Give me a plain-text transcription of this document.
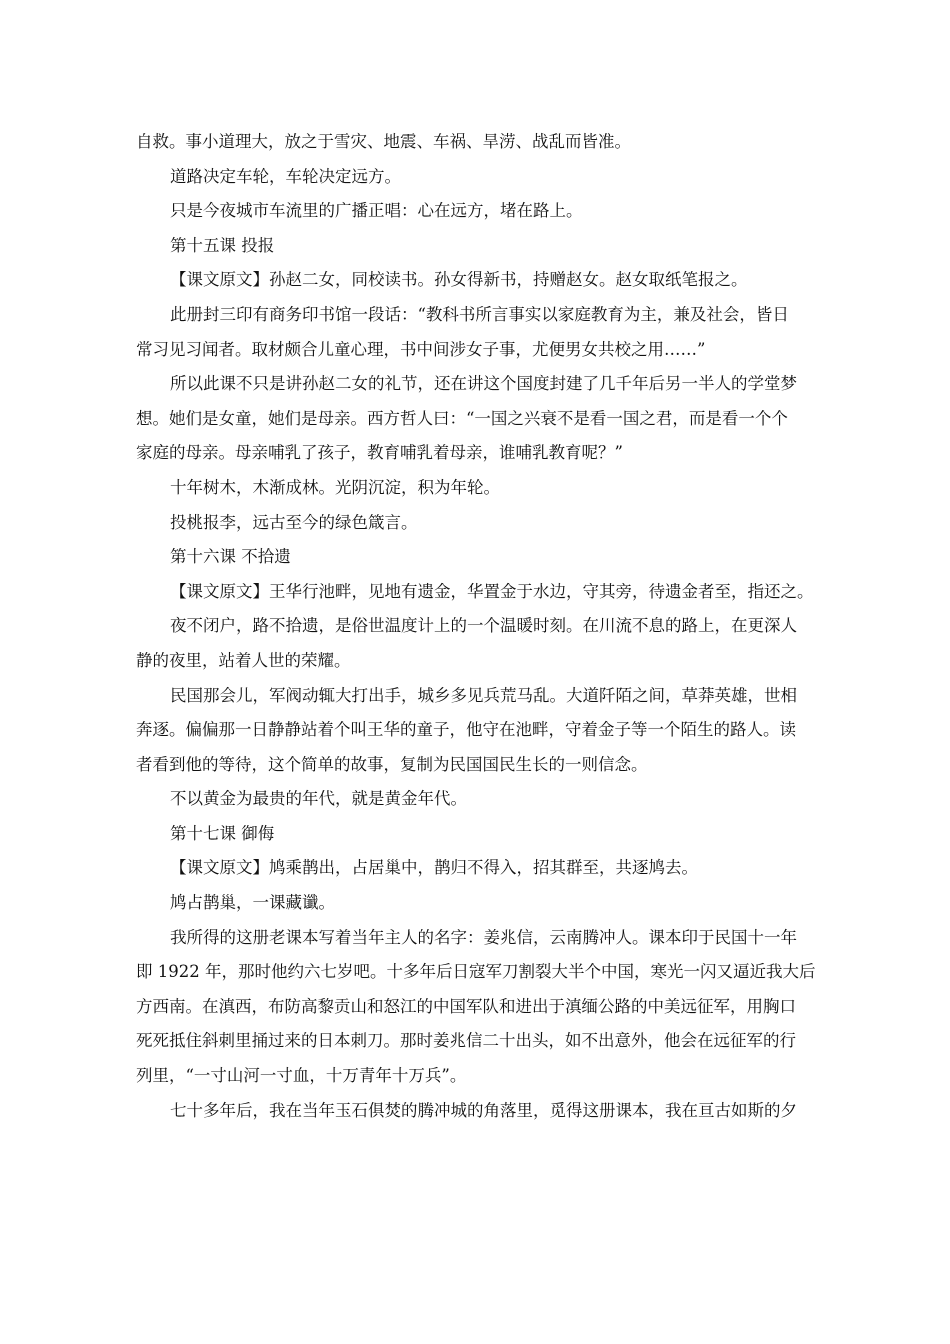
自救。事小道理大，放之于雪灾、地震、车祸、旱涝、战乱而皆准。

道路决定车轮，车轮决定远方。

只是今夜城市车流里的广播正唱：心在远方，堵在路上。

第十五课 投报

【课文原文】孙赵二女，同校读书。孙女得新书，持赠赵女。赵女取纸笔报之。

此册封三印有商务印书馆一段话：“教科书所言事实以家庭教育为主，兼及社会，皆日

常习见习闻者。取材颇合儿童心理，书中间涉女子事，尤便男女共校之用……”

所以此课不只是讲孙赵二女的礼节，还在讲这个国度封建了几千年后另一半人的学堂梦

想。她们是女童，她们是母亲。西方哲人曰：“一国之兴衰不是看一国之君，而是看一个个

家庭的母亲。母亲哺乳了孩子，教育哺乳着母亲，谁哺乳教育呢？”

十年树木，木渐成林。光阴沉淀，积为年轮。

投桃报李，远古至今的绿色箴言。

第十六课 不拾遗

【课文原文】王华行池畔，见地有遗金，华置金于水边，守其旁，待遗金者至，指还之。

夜不闭户，路不拾遗，是俗世温度计上的一个温暖时刻。在川流不息的路上，在更深人

静的夜里，站着人世的荣耀。

民国那会儿，军阀动辄大打出手，城乡多见兵荒马乱。大道阡陌之间，草莽英雄，世相

奔逐。偏偏那一日静静站着个叫王华的童子，他守在池畔，守着金子等一个陌生的路人。读

者看到他的等待，这个简单的故事，复制为民国国民生长的一则信念。

不以黄金为最贵的年代，就是黄金年代。

第十七课 御侮

【课文原文】鸠乘鹊出，占居巢中，鹊归不得入，招其群至，共逐鸠去。

鸠占鹊巢，一课藏谶。

我所得的这册老课本写着当年主人的名字：姜兆信，云南腾冲人。课本印于民国十一年

即 1922 年，那时他约六七岁吧。十多年后日寇军刀割裂大半个中国，寒光一闪又逼近我大后

方西南。在滇西，布防高黎贡山和怒江的中国军队和进出于滇缅公路的中美远征军，用胸口

死死抵住斜刺里捅过来的日本刺刀。那时姜兆信二十出头，如不出意外，他会在远征军的行

列里，“一寸山河一寸血，十万青年十万兵”。

七十多年后，我在当年玉石俱焚的腾冲城的角落里，觅得这册课本，我在亘古如斯的夕
